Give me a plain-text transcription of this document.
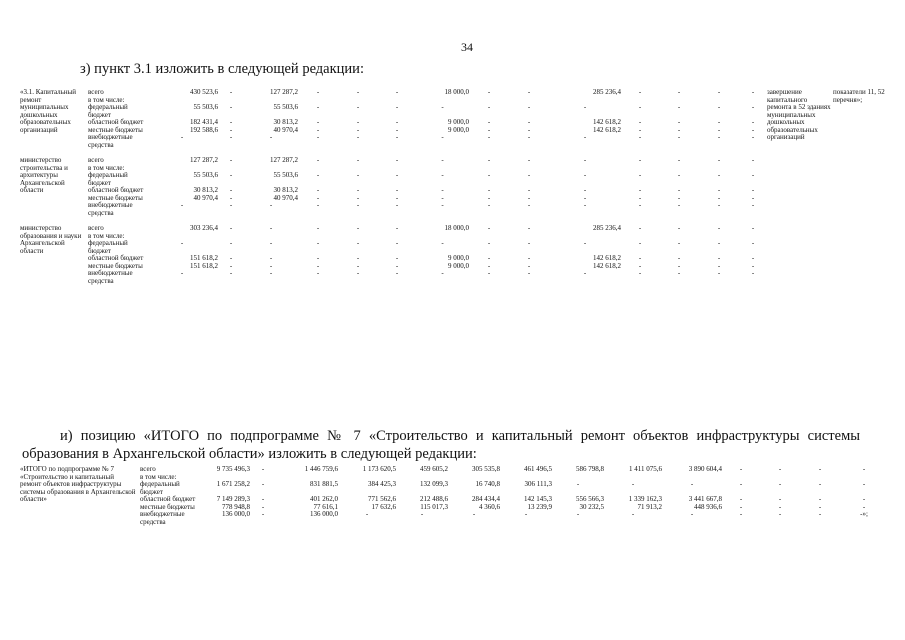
34
з) пункт 3.1 изложить в следующей редакции:
«3.1. Капитальный ремонт муниципальных дошкольных образовательных организаций	всего	430 523,6	-	127 287,2	-	-	-	18 000,0	-	-	285 236,4	-	-	-	-	завершение капитального ремонта в 52 зданиях муниципальных дошкольных образовательных организаций	показатели 11, 52 перечня»;
	в том числе:																
	федеральный бюджет	55 503,6	-	55 503,6	-	-	-	-	-	-	-	-	-	-	-		
	областной бюджет	182 431,4	-	30 813,2	-	-	-	9 000,0	-	-	142 618,2	-	-	-	-		
	местные бюджеты	192 588,6	-	40 970,4	-	-	-	9 000,0	-	-	142 618,2	-	-	-	-		
	внебюджетные средства	-	-	-	-	-	-	-	-	-	-	-	-	-	-		

министерство строительства и архитектуры Архангельской области	всего	127 287,2	-	127 287,2	-	-	-	-	-	-	-	-	-	-	-		
	в том числе:																
	федеральный бюджет	55 503,6	-	55 503,6	-	-	-	-	-	-	-	-	-	-	-		
	областной бюджет	30 813,2	-	30 813,2	-	-	-	-	-	-	-	-	-	-	-		
	местные бюджеты	40 970,4	-	40 970,4	-	-	-	-	-	-	-	-	-	-	-		
	внебюджетные средства	-	-	-	-	-	-	-	-	-	-	-	-	-	-		

министерство образования и науки Архангельской области	всего	303 236,4	-	-	-	-	-	18 000,0	-	-	285 236,4	-	-	-	-		
	в том числе:																
	федеральный бюджет	-	-	-	-	-	-	-	-	-	-	-	-	-	-		
	областной бюджет	151 618,2	-	-	-	-	-	9 000,0	-	-	142 618,2	-	-	-	-		
	местные бюджеты	151 618,2	-	-	-	-	-	9 000,0	-	-	142 618,2	-	-	-	-		
	внебюджетные средства	-	-	-	-	-	-	-	-	-	-	-	-	-	-		
и) позицию «ИТОГО по подпрограмме № 7 «Строительство и капитальный ремонт объектов инфраструктуры системы
образования в Архангельской области» изложить в следующей редакции:
«ИТОГО по подпрограмме № 7 «Строительство и капитальный ремонт объектов инфраструктуры системы образования в Архангельской области»	всего	9 735 496,3	-	1 446 759,6	1 173 620,5	459 605,2	305 535,8	461 496,5	586 798,8	1 411 075,6	3 890 604,4	-	-	-	-
	в том числе:														
	федеральный бюджет	1 671 258,2	-	831 881,5	384 425,3	132 099,3	16 740,8	306 111,3	-	-	-	-	-	-	-
	областной бюджет	7 149 289,3	-	401 262,0	771 562,6	212 488,6	284 434,4	142 145,3	556 566,3	1 339 162,3	3 441 667,8	-	-	-	-
	местные бюджеты	778 948,8	-	77 616,1	17 632,6	115 017,3	4 360,6	13 239,9	30 232,5	71 913,2	448 936,6	-	-	-	-
	внебюджетные средства	136 000,0	-	136 000,0	-	-	-	-	-	-	-	-	-	-	-»;
